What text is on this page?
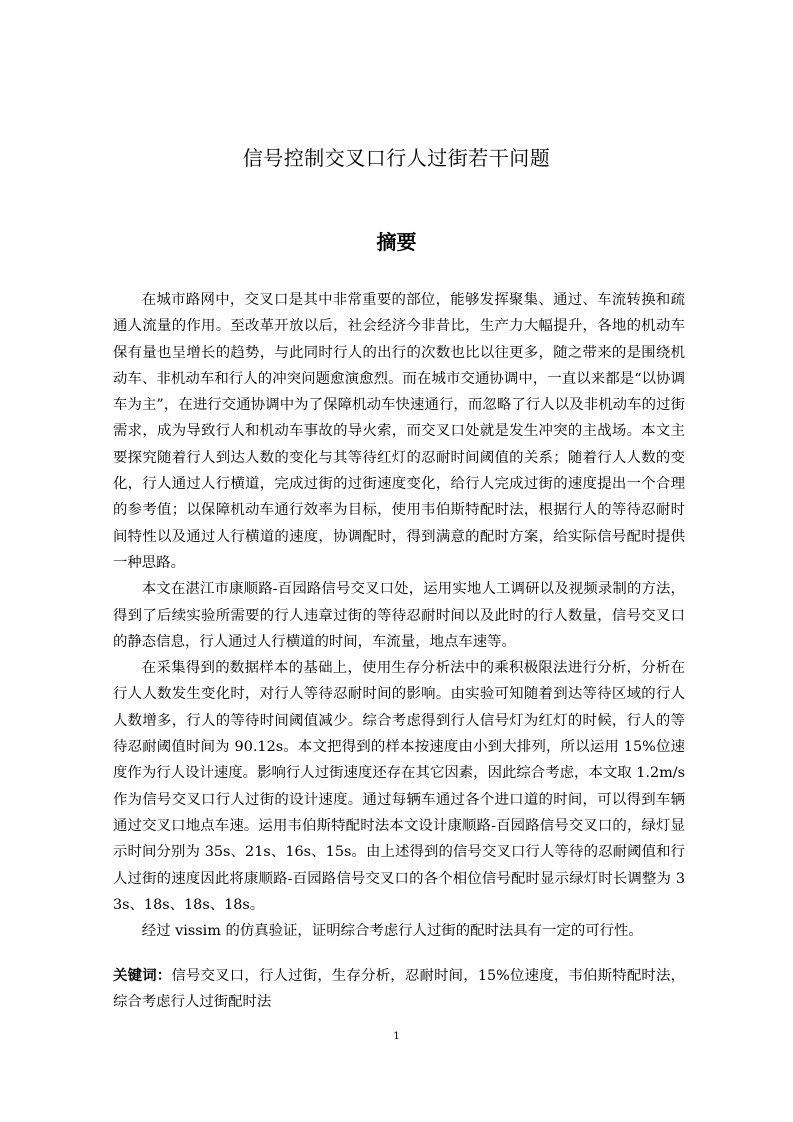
信号控制交叉口行人过街若干问题
摘要

在城市路网中，交叉口是其中非常重要的部位，能够发挥聚集、通过、车流转换和疏通人流量的作用。至改革开放以后，社会经济今非昔比，生产力大幅提升，各地的机动车保有量也呈增长的趋势，与此同时行人的出行的次数也比以往更多，随之带来的是围绕机动车、非机动车和行人的冲突问题愈演愈烈。而在城市交通协调中，一直以来都是“以协调车为主”，在进行交通协调中为了保障机动车快速通行，而忽略了行人以及非机动车的过街需求，成为导致行人和机动车事故的导火索，而交叉口处就是发生冲突的主战场。本文主要探究随着行人到达人数的变化与其等待红灯的忍耐时间阈值的关系；随着行人人数的变化，行人通过人行横道，完成过街的过街速度变化，给行人完成过街的速度提出一个合理的参考值；以保障机动车通行效率为目标，使用韦伯斯特配时法，根据行人的等待忍耐时间特性以及通过人行横道的速度，协调配时，得到满意的配时方案，给实际信号配时提供一种思路。

本文在湛江市康顺路-百园路信号交叉口处，运用实地人工调研以及视频录制的方法，得到了后续实验所需要的行人违章过街的等待忍耐时间以及此时的行人数量，信号交叉口的静态信息，行人通过人行横道的时间，车流量，地点车速等。

在采集得到的数据样本的基础上，使用生存分析法中的乘积极限法进行分析，分析在行人人数发生变化时，对行人等待忍耐时间的影响。由实验可知随着到达等待区域的行人人数增多，行人的等待时间阈值减少。综合考虑得到行人信号灯为红灯的时候，行人的等待忍耐阈值时间为 90.12s。本文把得到的样本按速度由小到大排列，所以运用 15%位速度作为行人设计速度。影响行人过街速度还存在其它因素，因此综合考虑，本文取 1.2m/s 作为信号交叉口行人过街的设计速度。通过每辆车通过各个进口道的时间，可以得到车辆通过交叉口地点车速。运用韦伯斯特配时法本文设计康顺路-百园路信号交叉口的，绿灯显示时间分别为 35s、21s、16s、15s。由上述得到的信号交叉口行人等待的忍耐阈值和行人过街的速度因此将康顺路-百园路信号交叉口的各个相位信号配时显示绿灯时长调整为 33s、18s、18s、18s。

经过 vissim 的仿真验证，证明综合考虑行人过街的配时法具有一定的可行性。

关键词：信号交叉口，行人过街，生存分析，忍耐时间，15%位速度，韦伯斯特配时法，综合考虑行人过街配时法

1
